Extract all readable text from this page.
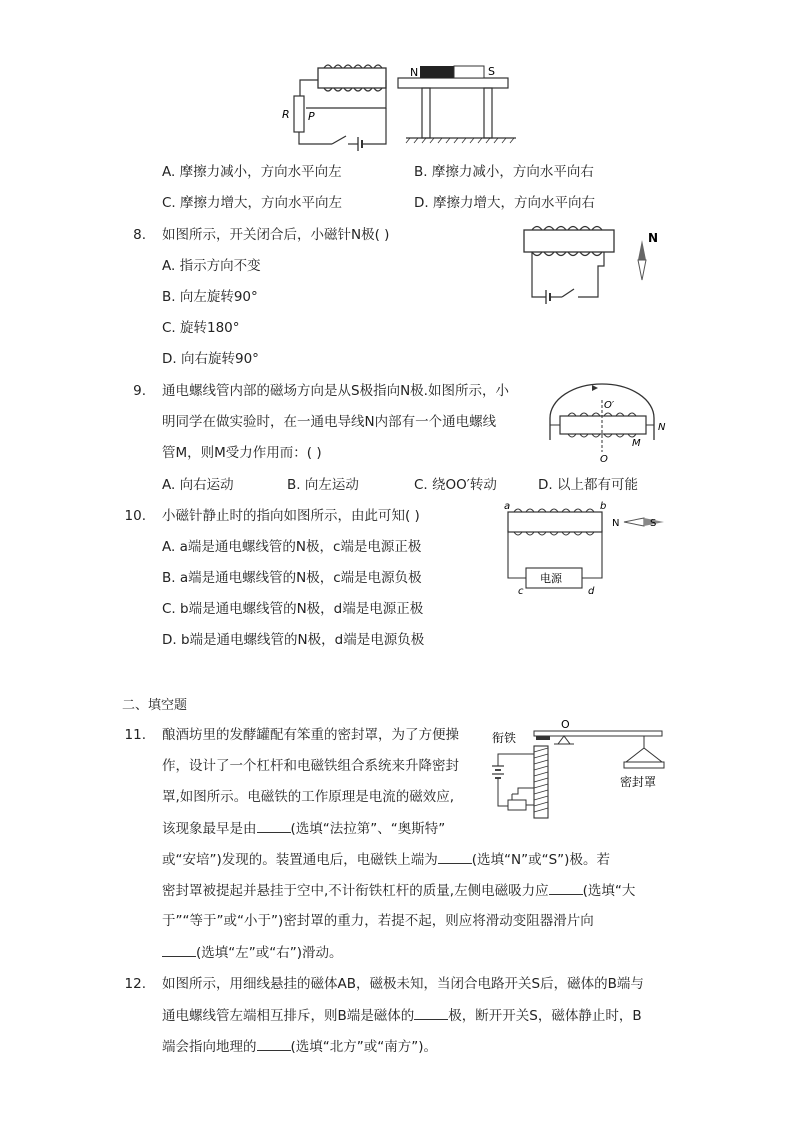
R P
N	S
A. 摩擦力减小，方向水平向左	B. 摩擦力减小，方向水平向右
C. 摩擦力增大，方向水平向左	D. 摩擦力增大，方向水平向右
8. 如图所示，开关闭合后，小磁针N极( )
A. 指示方向不变
B. 向左旋转90°
C. 旋转180°
D. 向右旋转90°
N
9. 通电螺线管内部的磁场方向是从S极指向N极.如图所示，小
明同学在做实验时，在一通电导线N内部有一个通电螺线
管M，则M受力作用而：( )
A. 向右运动	B. 向左运动	C. 绕OO′转动	D. 以上都有可能
O′
O
M
N
10. 小磁针静止时的指向如图所示，由此可知( )
A. a端是通电螺线管的N极，c端是电源正极
B. a端是通电螺线管的N极，c端是电源负极
C. b端是通电螺线管的N极，d端是电源正极
D. b端是通电螺线管的N极，d端是电源负极
电源
a	b
c	d
N	S
二、填空题
11. 酿酒坊里的发酵罐配有笨重的密封罩，为了方便操
作，设计了一个杠杆和电磁铁组合系统来升降密封
罩,如图所示。电磁铁的工作原理是电流的磁效应,
该现象最早是由	(选填“法拉第”、“奥斯特”
或“安培”)发现的。装置通电后，电磁铁上端为	(选填“N”或“S”)极。若
密封罩被提起并悬挂于空中,不计衔铁杠杆的质量,左侧电磁吸力应	(选填“大
于”“等于”或“小于”)密封罩的重力，若提不起，则应将滑动变阻器滑片向
(选填“左”或“右”)滑动。
衔铁
O
密封罩
12. 如图所示，用细线悬挂的磁体AB，磁极未知，当闭合电路开关S后，磁体的B端与
通电螺线管左端相互排斥，则B端是磁体的	极，断开开关S，磁体静止时，B
端会指向地理的	(选填“北方”或“南方”)。
